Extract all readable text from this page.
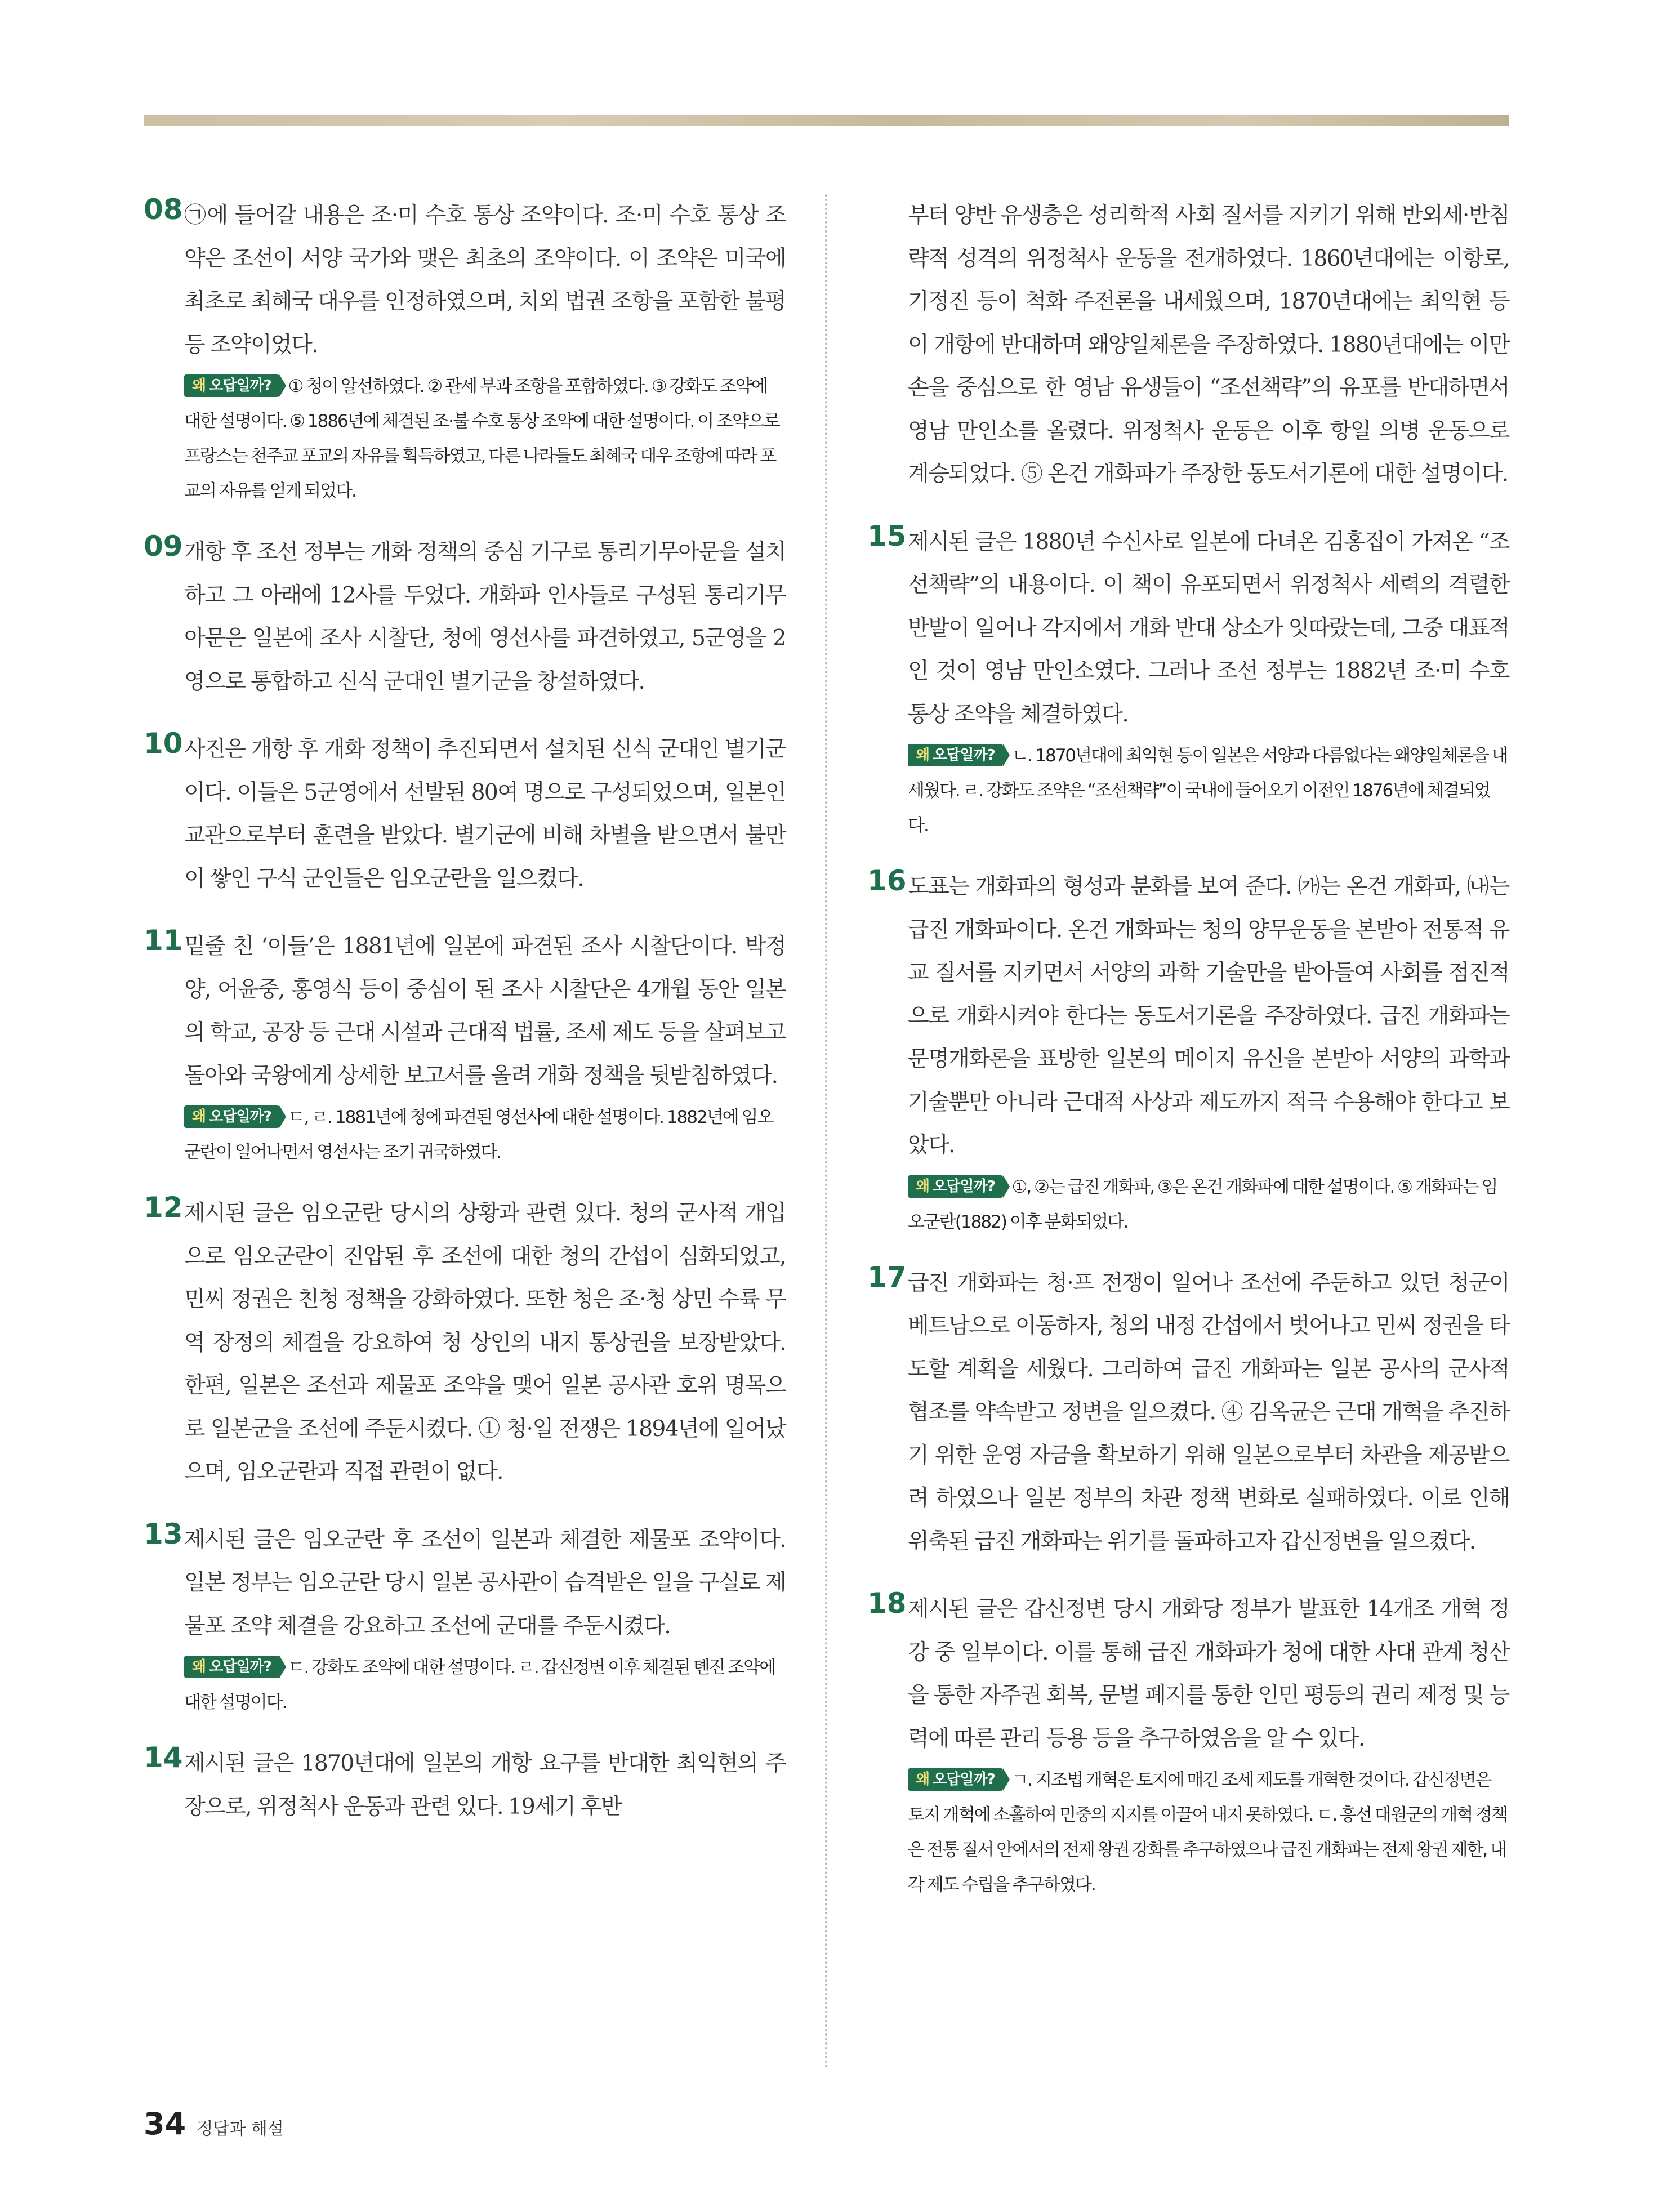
08 ㉠에 들어갈 내용은 조·미 수호 통상 조약이다. 조·미 수호 통상 조약은 조선이 서양 국가와 맺은 최초의 조약이다. 이 조약은 미국에 최초로 최혜국 대우를 인정하였으며, 치외 법권 조항을 포함한 불평등 조약이었다.

왜 오답일까? ① 청이 알선하였다. ② 관세 부과 조항을 포함하였다. ③ 강화도 조약에 대한 설명이다. ⑤ 1886년에 체결된 조·불 수호 통상 조약에 대한 설명이다. 이 조약으로 프랑스는 천주교 포교의 자유를 획득하였고, 다른 나라들도 최혜국 대우 조항에 따라 포교의 자유를 얻게 되었다.

09 개항 후 조선 정부는 개화 정책의 중심 기구로 통리기무아문을 설치하고 그 아래에 12사를 두었다. 개화파 인사들로 구성된 통리기무아문은 일본에 조사 시찰단, 청에 영선사를 파견하였고, 5군영을 2영으로 통합하고 신식 군대인 별기군을 창설하였다.

10 사진은 개항 후 개화 정책이 추진되면서 설치된 신식 군대인 별기군이다. 이들은 5군영에서 선발된 80여 명으로 구성되었으며, 일본인 교관으로부터 훈련을 받았다. 별기군에 비해 차별을 받으면서 불만이 쌓인 구식 군인들은 임오군란을 일으켰다.

11 밑줄 친 ‘이들’은 1881년에 일본에 파견된 조사 시찰단이다. 박정양, 어윤중, 홍영식 등이 중심이 된 조사 시찰단은 4개월 동안 일본의 학교, 공장 등 근대 시설과 근대적 법률, 조세 제도 등을 살펴보고 돌아와 국왕에게 상세한 보고서를 올려 개화 정책을 뒷받침하였다.

왜 오답일까? ㄷ, ㄹ. 1881년에 청에 파견된 영선사에 대한 설명이다. 1882년에 임오군란이 일어나면서 영선사는 조기 귀국하였다.

12 제시된 글은 임오군란 당시의 상황과 관련 있다. 청의 군사적 개입으로 임오군란이 진압된 후 조선에 대한 청의 간섭이 심화되었고, 민씨 정권은 친청 정책을 강화하였다. 또한 청은 조·청 상민 수륙 무역 장정의 체결을 강요하여 청 상인의 내지 통상권을 보장받았다. 한편, 일본은 조선과 제물포 조약을 맺어 일본 공사관 호위 명목으로 일본군을 조선에 주둔시켰다. ① 청·일 전쟁은 1894년에 일어났으며, 임오군란과 직접 관련이 없다.

13 제시된 글은 임오군란 후 조선이 일본과 체결한 제물포 조약이다. 일본 정부는 임오군란 당시 일본 공사관이 습격받은 일을 구실로 제물포 조약 체결을 강요하고 조선에 군대를 주둔시켰다.

왜 오답일까? ㄷ. 강화도 조약에 대한 설명이다. ㄹ. 갑신정변 이후 체결된 톈진 조약에 대한 설명이다.

14 제시된 글은 1870년대에 일본의 개항 요구를 반대한 최익현의 주장으로, 위정척사 운동과 관련 있다. 19세기 후반

부터 양반 유생층은 성리학적 사회 질서를 지키기 위해 반외세·반침략적 성격의 위정척사 운동을 전개하였다. 1860년대에는 이항로, 기정진 등이 척화 주전론을 내세웠으며, 1870년대에는 최익현 등이 개항에 반대하며 왜양일체론을 주장하였다. 1880년대에는 이만손을 중심으로 한 영남 유생들이 “조선책략”의 유포를 반대하면서 영남 만인소를 올렸다. 위정척사 운동은 이후 항일 의병 운동으로 계승되었다. ⑤ 온건 개화파가 주장한 동도서기론에 대한 설명이다.

15 제시된 글은 1880년 수신사로 일본에 다녀온 김홍집이 가져온 “조선책략”의 내용이다. 이 책이 유포되면서 위정척사 세력의 격렬한 반발이 일어나 각지에서 개화 반대 상소가 잇따랐는데, 그중 대표적인 것이 영남 만인소였다. 그러나 조선 정부는 1882년 조·미 수호 통상 조약을 체결하였다.

왜 오답일까? ㄴ. 1870년대에 최익현 등이 일본은 서양과 다름없다는 왜양일체론을 내세웠다. ㄹ. 강화도 조약은 “조선책략”이 국내에 들어오기 이전인 1876년에 체결되었다.

16 도표는 개화파의 형성과 분화를 보여 준다. ㈎는 온건 개화파, ㈏는 급진 개화파이다. 온건 개화파는 청의 양무운동을 본받아 전통적 유교 질서를 지키면서 서양의 과학 기술만을 받아들여 사회를 점진적으로 개화시켜야 한다는 동도서기론을 주장하였다. 급진 개화파는 문명개화론을 표방한 일본의 메이지 유신을 본받아 서양의 과학과 기술뿐만 아니라 근대적 사상과 제도까지 적극 수용해야 한다고 보았다.

왜 오답일까? ①, ②는 급진 개화파, ③은 온건 개화파에 대한 설명이다. ⑤ 개화파는 임오군란(1882) 이후 분화되었다.

17 급진 개화파는 청·프 전쟁이 일어나 조선에 주둔하고 있던 청군이 베트남으로 이동하자, 청의 내정 간섭에서 벗어나고 민씨 정권을 타도할 계획을 세웠다. 그리하여 급진 개화파는 일본 공사의 군사적 협조를 약속받고 정변을 일으켰다. ④ 김옥균은 근대 개혁을 추진하기 위한 운영 자금을 확보하기 위해 일본으로부터 차관을 제공받으려 하였으나 일본 정부의 차관 정책 변화로 실패하였다. 이로 인해 위축된 급진 개화파는 위기를 돌파하고자 갑신정변을 일으켰다.

18 제시된 글은 갑신정변 당시 개화당 정부가 발표한 14개조 개혁 정강 중 일부이다. 이를 통해 급진 개화파가 청에 대한 사대 관계 청산을 통한 자주권 회복, 문벌 폐지를 통한 인민 평등의 권리 제정 및 능력에 따른 관리 등용 등을 추구하였음을 알 수 있다.

왜 오답일까? ㄱ. 지조법 개혁은 토지에 매긴 조세 제도를 개혁한 것이다. 갑신정변은 토지 개혁에 소홀하여 민중의 지지를 이끌어 내지 못하였다. ㄷ. 흥선 대원군의 개혁 정책은 전통 질서 안에서의 전제 왕권 강화를 추구하였으나 급진 개화파는 전제 왕권 제한, 내각 제도 수립을 추구하였다.

34 정답과 해설
